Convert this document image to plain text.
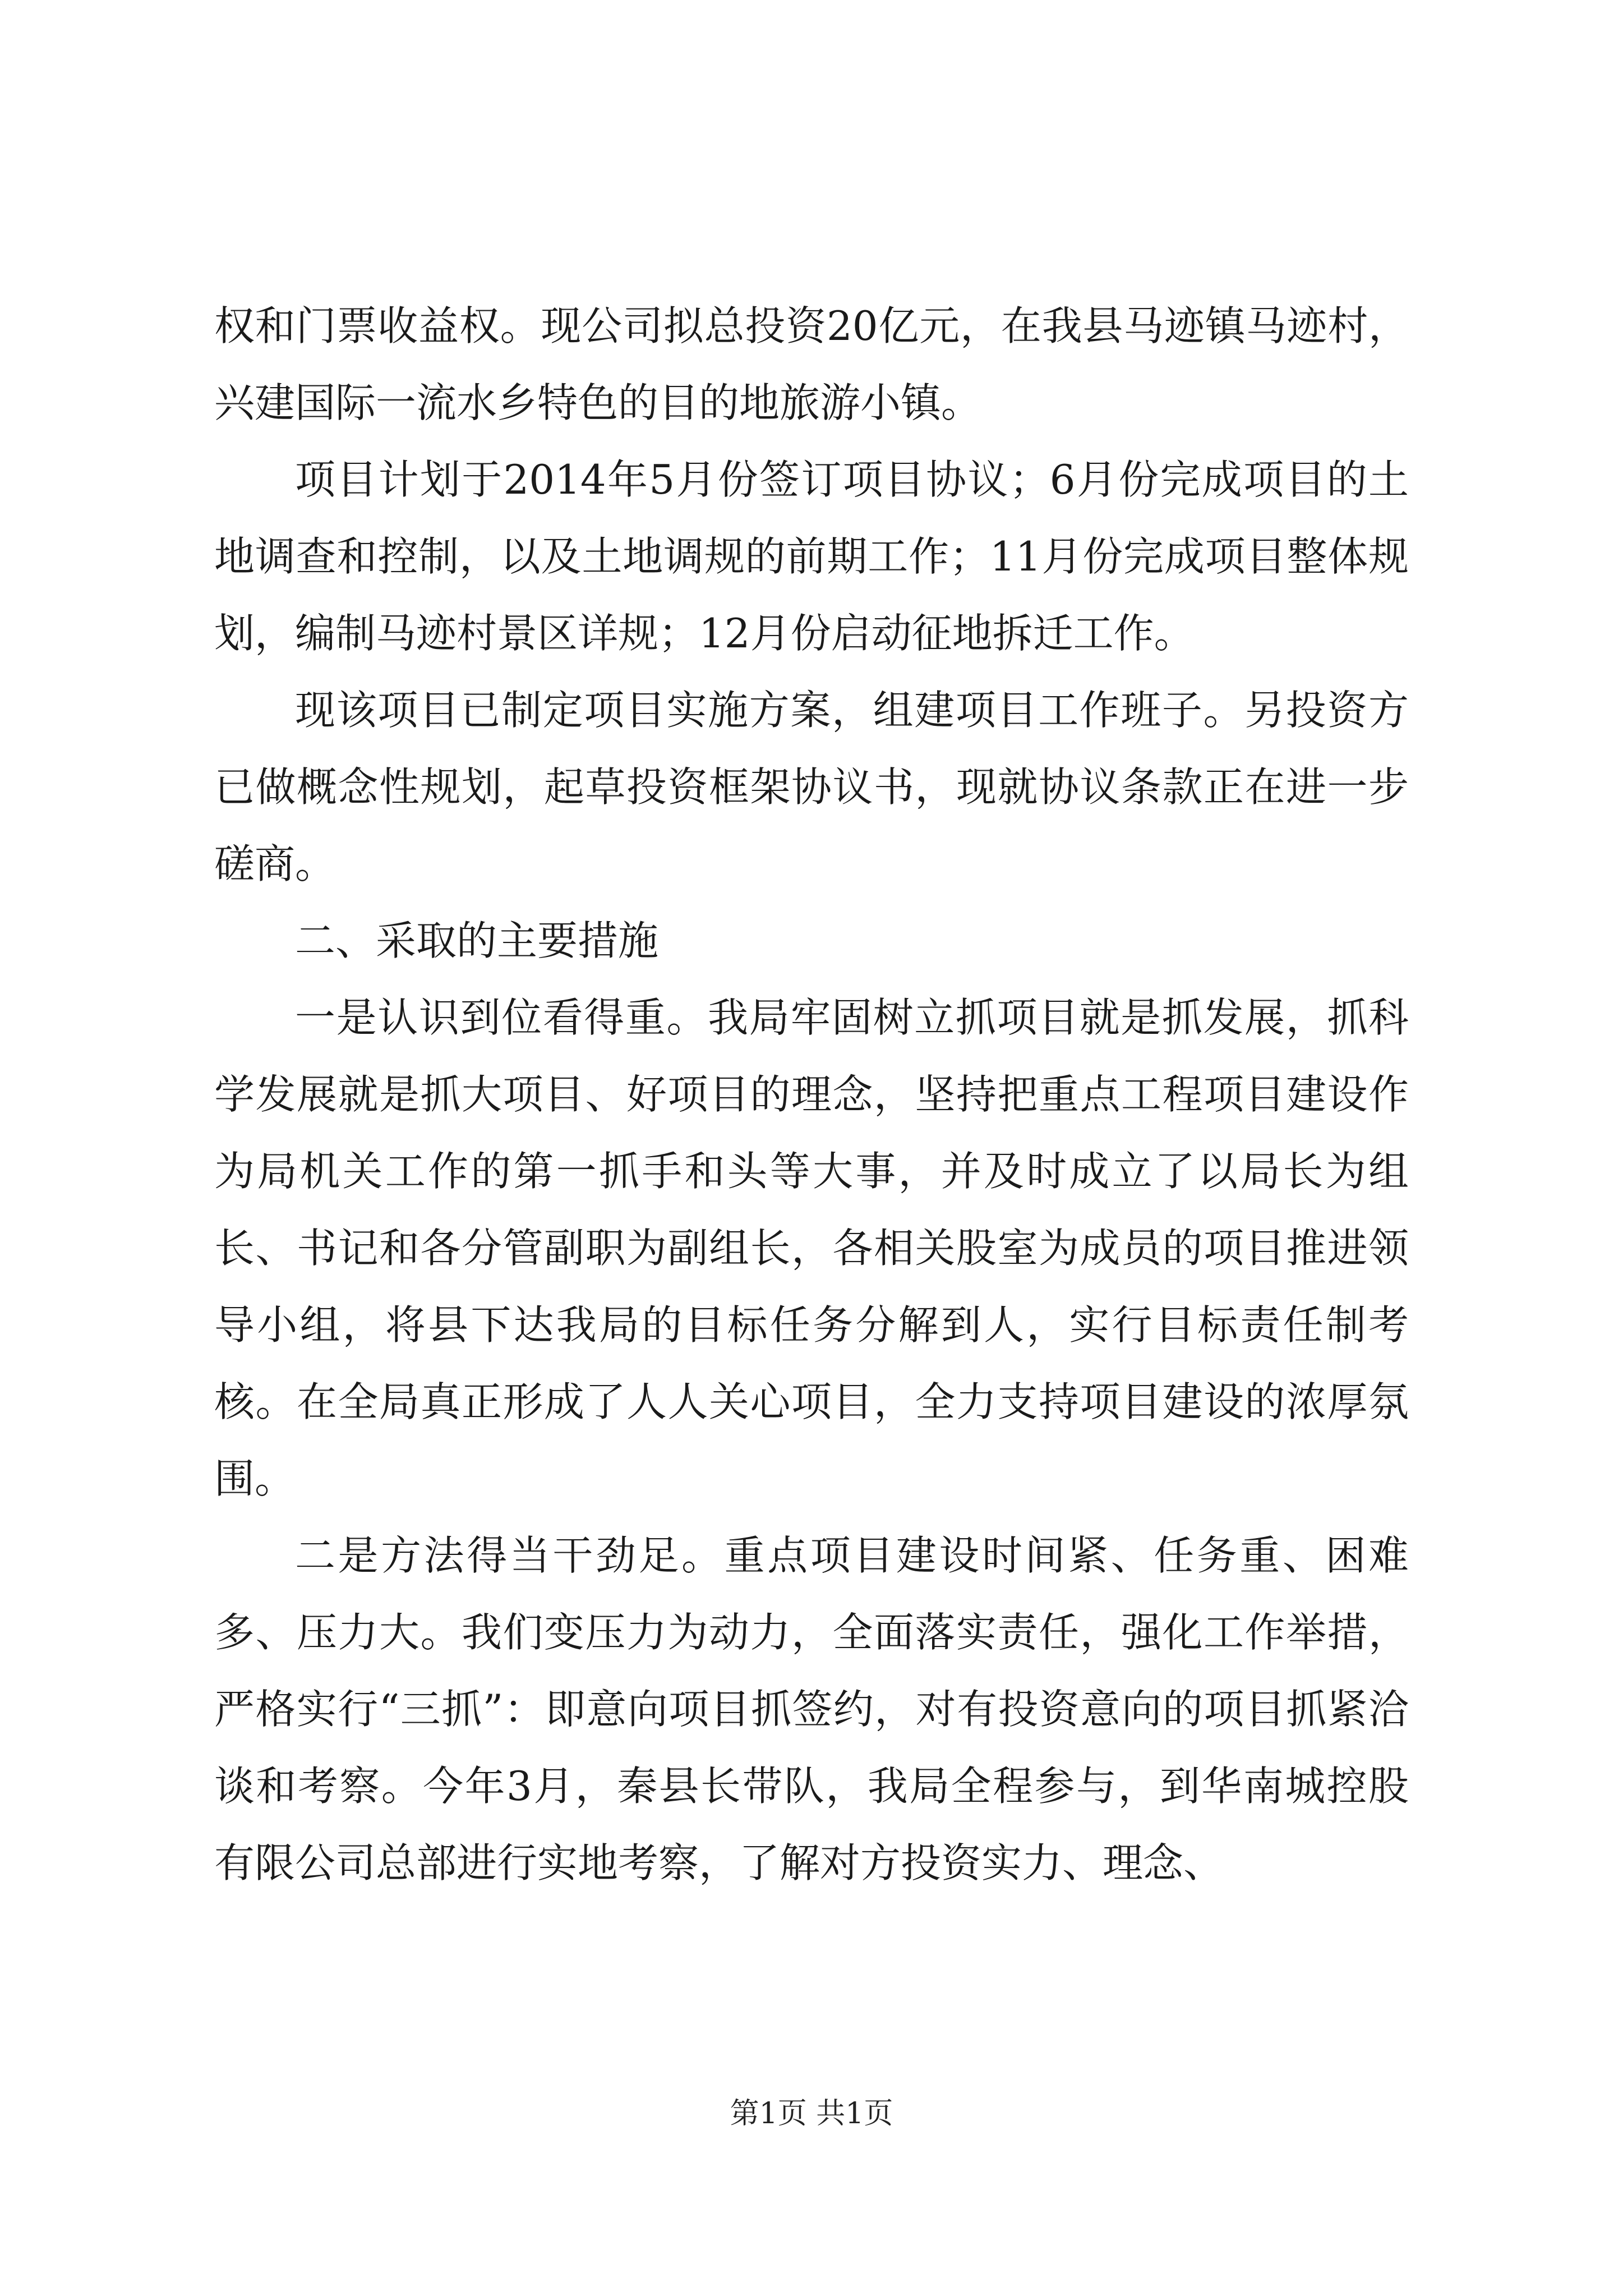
权和门票收益权。现公司拟总投资20亿元，在我县马迹镇马迹村，兴建国际一流水乡特色的目的地旅游小镇。

项目计划于2014年5月份签订项目协议；6月份完成项目的土地调查和控制，以及土地调规的前期工作；11月份完成项目整体规划，编制马迹村景区详规；12月份启动征地拆迁工作。

现该项目已制定项目实施方案，组建项目工作班子。另投资方已做概念性规划，起草投资框架协议书，现就协议条款正在进一步磋商。

二、采取的主要措施

一是认识到位看得重。我局牢固树立抓项目就是抓发展，抓科学发展就是抓大项目、好项目的理念，坚持把重点工程项目建设作为局机关工作的第一抓手和头等大事，并及时成立了以局长为组长、书记和各分管副职为副组长，各相关股室为成员的项目推进领导小组，将县下达我局的目标任务分解到人，实行目标责任制考核。在全局真正形成了人人关心项目，全力支持项目建设的浓厚氛围。

二是方法得当干劲足。重点项目建设时间紧、任务重、困难多、压力大。我们变压力为动力，全面落实责任，强化工作举措，严格实行“三抓”：即意向项目抓签约，对有投资意向的项目抓紧洽谈和考察。今年3月，秦县长带队，我局全程参与，到华南城控股有限公司总部进行实地考察，了解对方投资实力、理念、

第1页 共1页
